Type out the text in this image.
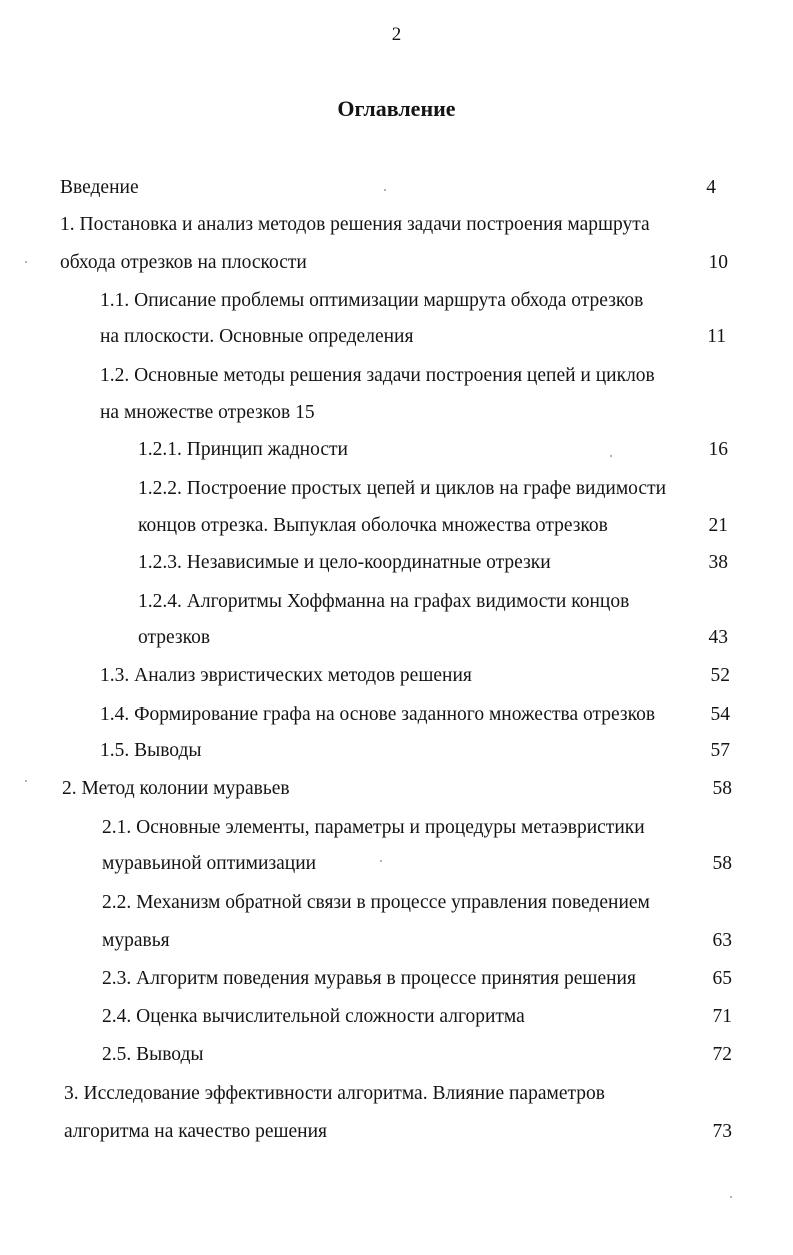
2
Оглавление
Введение	4
1. Постановка и анализ методов решения задачи построения маршрута
обхода отрезков на плоскости	10
1.1. Описание проблемы оптимизации маршрута обхода отрезков
на плоскости. Основные определения	11
1.2. Основные методы решения задачи построения цепей и циклов
на множестве отрезков 15
1.2.1. Принцип жадности	16
1.2.2. Построение простых цепей и циклов на графе видимости
концов отрезка. Выпуклая оболочка множества отрезков	21
1.2.3. Независимые и цело-координатные отрезки	38
1.2.4. Алгоритмы Хоффманна на графах видимости концов
отрезков	43
1.3. Анализ эвристических методов решения	52
1.4. Формирование графа на основе заданного множества отрезков	54
1.5. Выводы	57
2. Метод колонии муравьев	58
2.1. Основные элементы, параметры и процедуры метаэвристики
муравьиной оптимизации	58
2.2. Механизм обратной связи в процессе управления поведением
муравья	63
2.3. Алгоритм поведения муравья в процессе принятия решения	65
2.4. Оценка вычислительной сложности алгоритма	71
2.5. Выводы	72
3. Исследование эффективности алгоритма. Влияние параметров
алгоритма на качество решения	73
